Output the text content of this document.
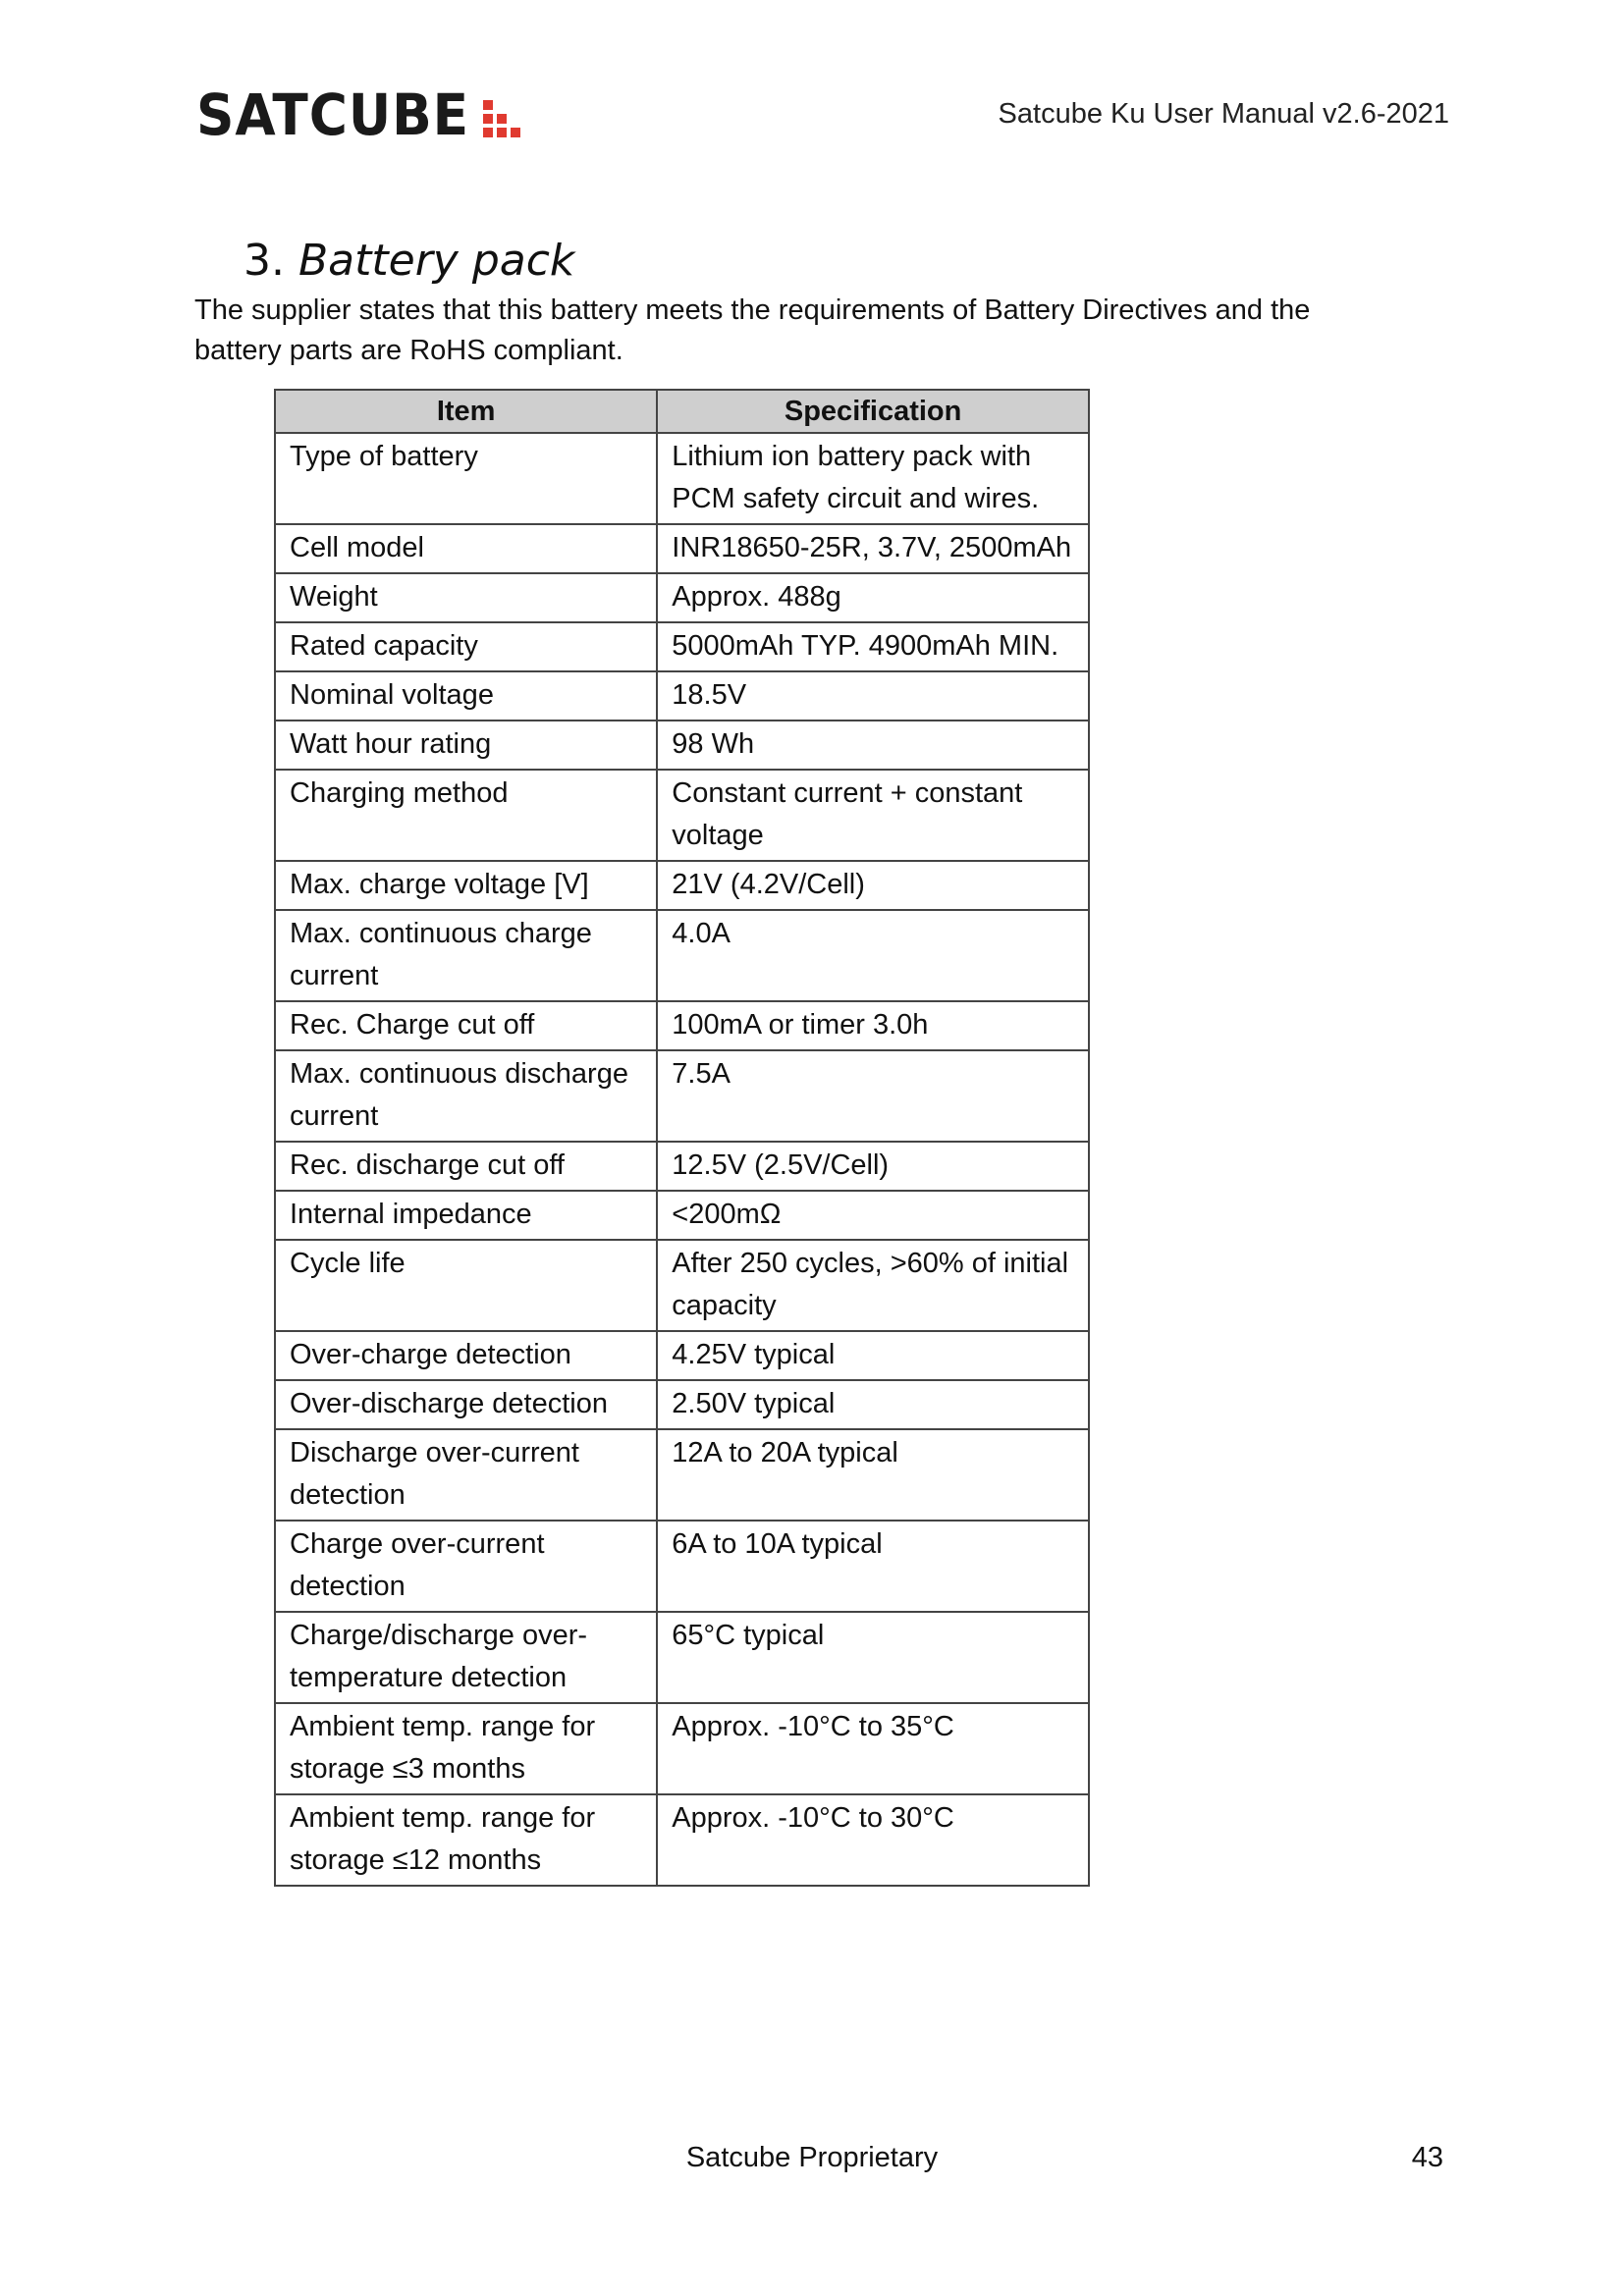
SATCUBE	Satcube Ku User Manual v2.6-2021
3. Battery pack
The supplier states that this battery meets the requirements of Battery Directives and the battery parts are RoHS compliant.
Item	Specification
Type of battery	Lithium ion battery pack with PCM safety circuit and wires.
Cell model	INR18650-25R, 3.7V, 2500mAh
Weight	Approx. 488g
Rated capacity	5000mAh TYP. 4900mAh MIN.
Nominal voltage	18.5V
Watt hour rating	98 Wh
Charging method	Constant current + constant voltage
Max. charge voltage [V]	21V (4.2V/Cell)
Max. continuous charge current	4.0A
Rec. Charge cut off	100mA or timer 3.0h
Max. continuous discharge current	7.5A
Rec. discharge cut off	12.5V (2.5V/Cell)
Internal impedance	<200mΩ
Cycle life	After 250 cycles, >60% of initial capacity
Over-charge detection	4.25V typical
Over-discharge detection	2.50V typical
Discharge over-current detection	12A to 20A typical
Charge over-current detection	6A to 10A typical
Charge/discharge over-temperature detection	65°C typical
Ambient temp. range for storage ≤3 months	Approx. -10°C to 35°C
Ambient temp. range for storage ≤12 months	Approx. -10°C to 30°C
Satcube Proprietary	43
